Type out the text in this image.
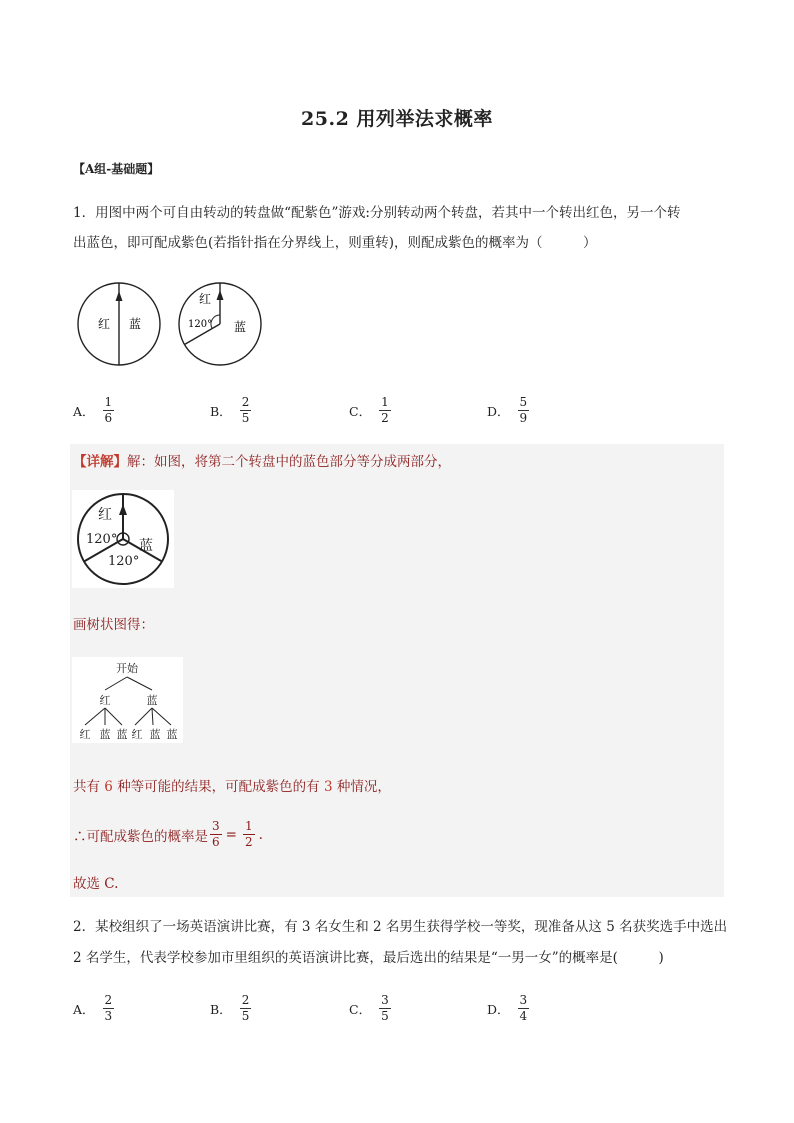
25.2 用列举法求概率
【A组-基础题】
1．用图中两个可自由转动的转盘做“配紫色”游戏:分别转动两个转盘，若其中一个转出红色，另一个转
出蓝色，即可配成紫色(若指针指在分界线上，则重转)，则配成紫色的概率为（　　　）
红 蓝
红
蓝
120°
A． $\frac{1}{6}$	B． $\frac{2}{5}$	C． $\frac{1}{2}$	D． $\frac{5}{9}$
【详解】解：如图，将第二个转盘中的蓝色部分等分成两部分，
红
蓝
120°
120°
画树状图得：
开始
红	蓝
红 蓝 蓝 红 蓝 蓝
共有 6 种等可能的结果，可配成紫色的有 3 种情况，
∴可配成紫色的概率是 $\frac{3}{6} = \frac{1}{2}$ .
故选 C.
2．某校组织了一场英语演讲比赛，有 3 名女生和 2 名男生获得学校一等奖，现准备从这 5 名获奖选手中选出
2 名学生，代表学校参加市里组织的英语演讲比赛，最后选出的结果是“一男一女”的概率是(　　　)
A． $\frac{2}{3}$	B． $\frac{2}{5}$	C． $\frac{3}{5}$	D． $\frac{3}{4}$
